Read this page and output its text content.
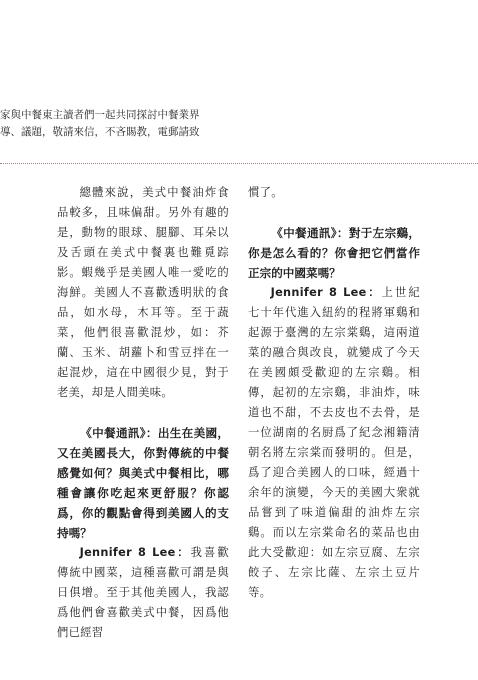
家與中餐東主讀者們一起共同探討中餐業界

導、議題，敬請來信，不吝賜教，電郵請致

總體來說，美式中餐油炸食品較多，且味偏甜。另外有趣的是，動物的眼球、腿腳、耳朵以及舌頭在美式中餐裏也難覓踪影。蝦幾乎是美國人唯一愛吃的海鮮。美國人不喜歡透明狀的食品，如水母，木耳等。至于蔬菜，他們很喜歡混炒，如：芥蘭、玉米、胡蘿卜和雪豆拌在一起混炒，這在中國很少見，對于老美，却是人間美味。

《中餐通訊》：出生在美國，又在美國長大，你對傳統的中餐感覺如何？與美式中餐相比，哪種會讓你吃起來更舒服？你認爲，你的觀點會得到美國人的支持嗎？

Jennifer 8 Lee：我喜歡傳統中國菜，這種喜歡可謂是與日俱增。至于其他美國人，我認爲他們會喜歡美式中餐，因爲他們已經習

慣了。

《中餐通訊》：對于左宗鷄，你是怎么看的？你會把它們當作正宗的中國菜嗎？

Jennifer 8 Lee：上世紀七十年代進入紐約的程將軍鷄和起源于臺灣的左宗棠鷄，這兩道菜的融合與改良，就變成了今天在美國頗受歡迎的左宗鷄。相傳，起初的左宗鷄，非油炸，味道也不甜，不去皮也不去骨，是一位湖南的名厨爲了紀念湘籍清朝名將左宗棠而發明的。但是，爲了迎合美國人的口味，經過十余年的演變，今天的美國大衆就品嘗到了味道偏甜的油炸左宗鷄。而以左宗棠命名的菜品也由此大受歡迎：如左宗豆腐、左宗餃子、左宗比薩、左宗土豆片等。
